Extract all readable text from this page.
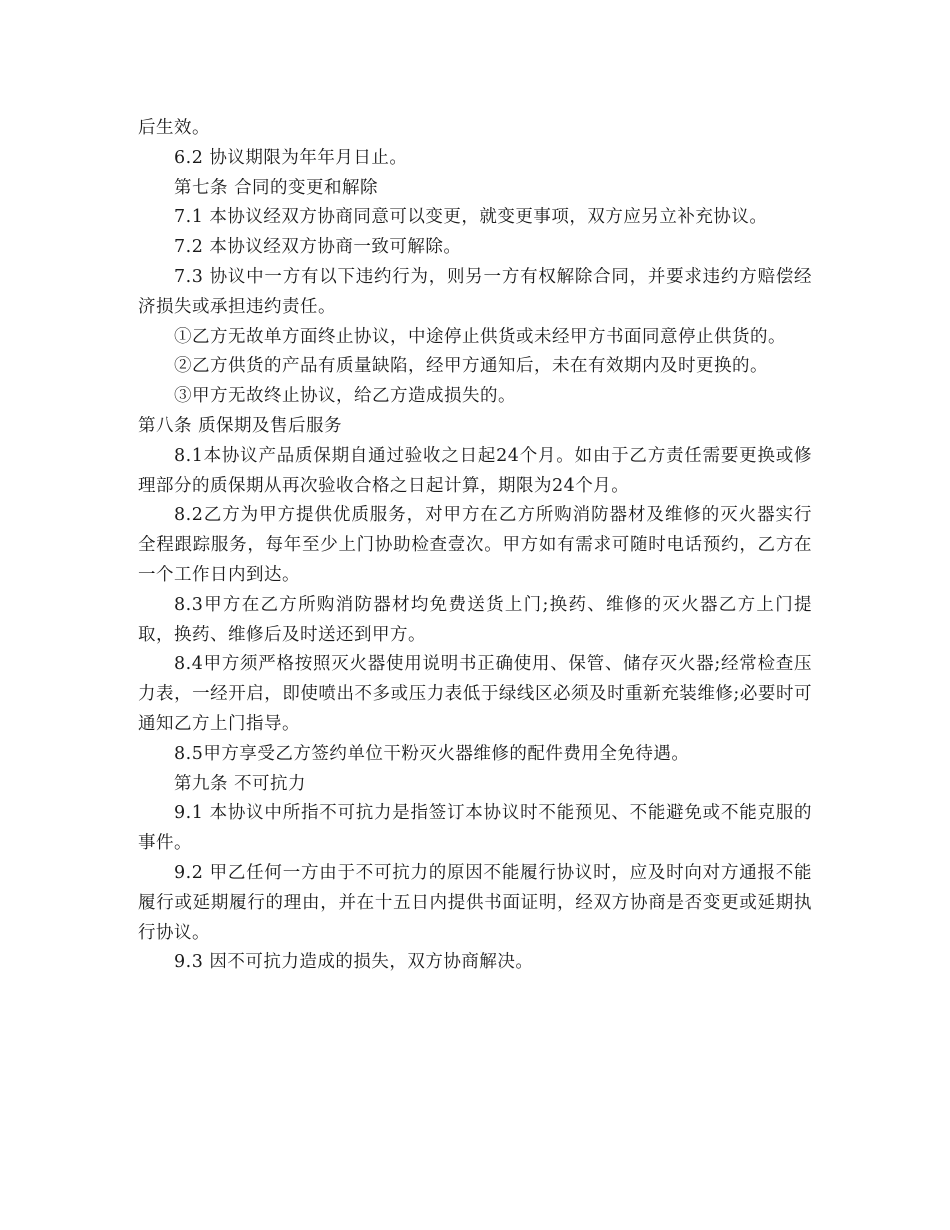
后生效。

6.2 协议期限为年年月日止。

第七条 合同的变更和解除

7.1 本协议经双方协商同意可以变更，就变更事项，双方应另立补充协议。

7.2 本协议经双方协商一致可解除。

7.3 协议中一方有以下违约行为，则另一方有权解除合同，并要求违约方赔偿经济损失或承担违约责任。

①乙方无故单方面终止协议，中途停止供货或未经甲方书面同意停止供货的。

②乙方供货的产品有质量缺陷，经甲方通知后，未在有效期内及时更换的。

③甲方无故终止协议，给乙方造成损失的。

第八条 质保期及售后服务

8.1本协议产品质保期自通过验收之日起24个月。如由于乙方责任需要更换或修理部分的质保期从再次验收合格之日起计算，期限为24个月。

8.2乙方为甲方提供优质服务，对甲方在乙方所购消防器材及维修的灭火器实行全程跟踪服务，每年至少上门协助检查壹次。甲方如有需求可随时电话预约，乙方在一个工作日内到达。

8.3甲方在乙方所购消防器材均免费送货上门;换药、维修的灭火器乙方上门提取，换药、维修后及时送还到甲方。

8.4甲方须严格按照灭火器使用说明书正确使用、保管、储存灭火器;经常检查压力表，一经开启，即使喷出不多或压力表低于绿线区必须及时重新充装维修;必要时可通知乙方上门指导。

8.5甲方享受乙方签约单位干粉灭火器维修的配件费用全免待遇。

第九条 不可抗力

9.1 本协议中所指不可抗力是指签订本协议时不能预见、不能避免或不能克服的事件。

9.2 甲乙任何一方由于不可抗力的原因不能履行协议时，应及时向对方通报不能履行或延期履行的理由，并在十五日内提供书面证明，经双方协商是否变更或延期执行协议。

9.3 因不可抗力造成的损失，双方协商解决。
